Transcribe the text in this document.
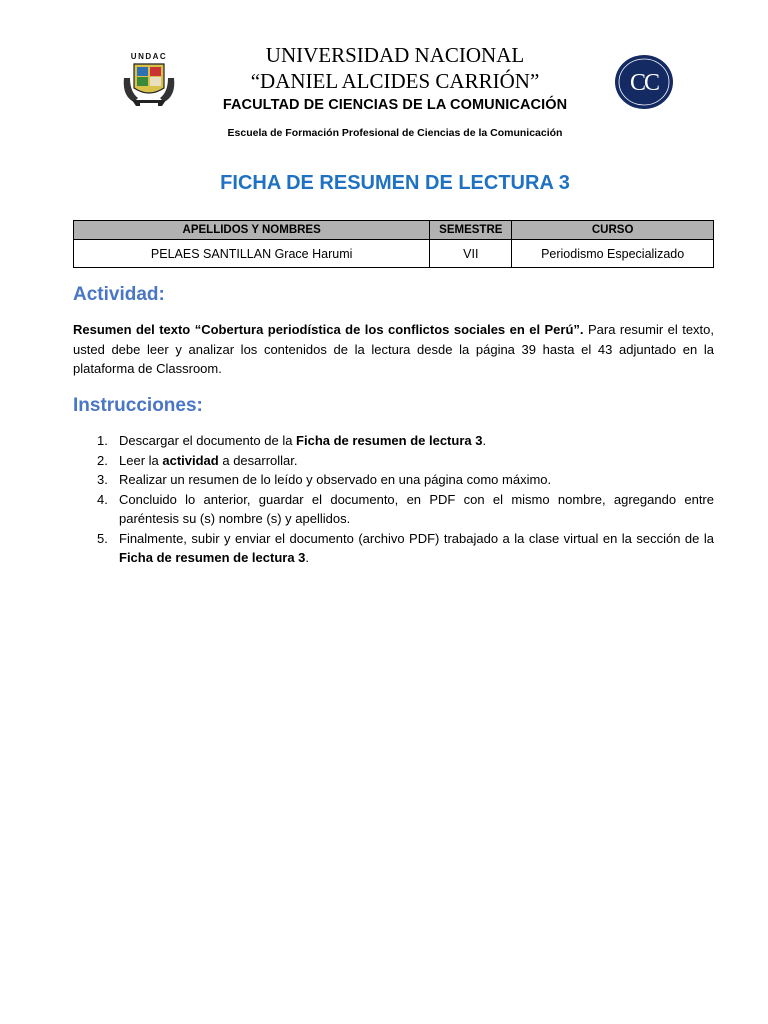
UNDAC	UNIVERSIDAD NACIONAL
“DANIEL ALCIDES CARRIÓN”
FACULTAD DE CIENCIAS DE LA COMUNICACIÓN
CC
Escuela de Formación Profesional de Ciencias de la Comunicación
FICHA DE RESUMEN DE LECTURA 3
APELLIDOS Y NOMBRES	SEMESTRE	CURSO
PELAES SANTILLAN Grace Harumi	VII	Periodismo Especializado
Actividad:
Resumen del texto “Cobertura periodística de los conflictos sociales en el Perú”. Para resumir el texto, usted debe leer y analizar los contenidos de la lectura desde la página 39 hasta el 43 adjuntado en la plataforma de Classroom.
Instrucciones:
1. Descargar el documento de la Ficha de resumen de lectura 3.
2. Leer la actividad a desarrollar.
3. Realizar un resumen de lo leído y observado en una página como máximo.
4. Concluido lo anterior, guardar el documento, en PDF con el mismo nombre, agregando entre paréntesis su (s) nombre (s) y apellidos.
5. Finalmente, subir y enviar el documento (archivo PDF) trabajado a la clase virtual en la sección de la Ficha de resumen de lectura 3.
